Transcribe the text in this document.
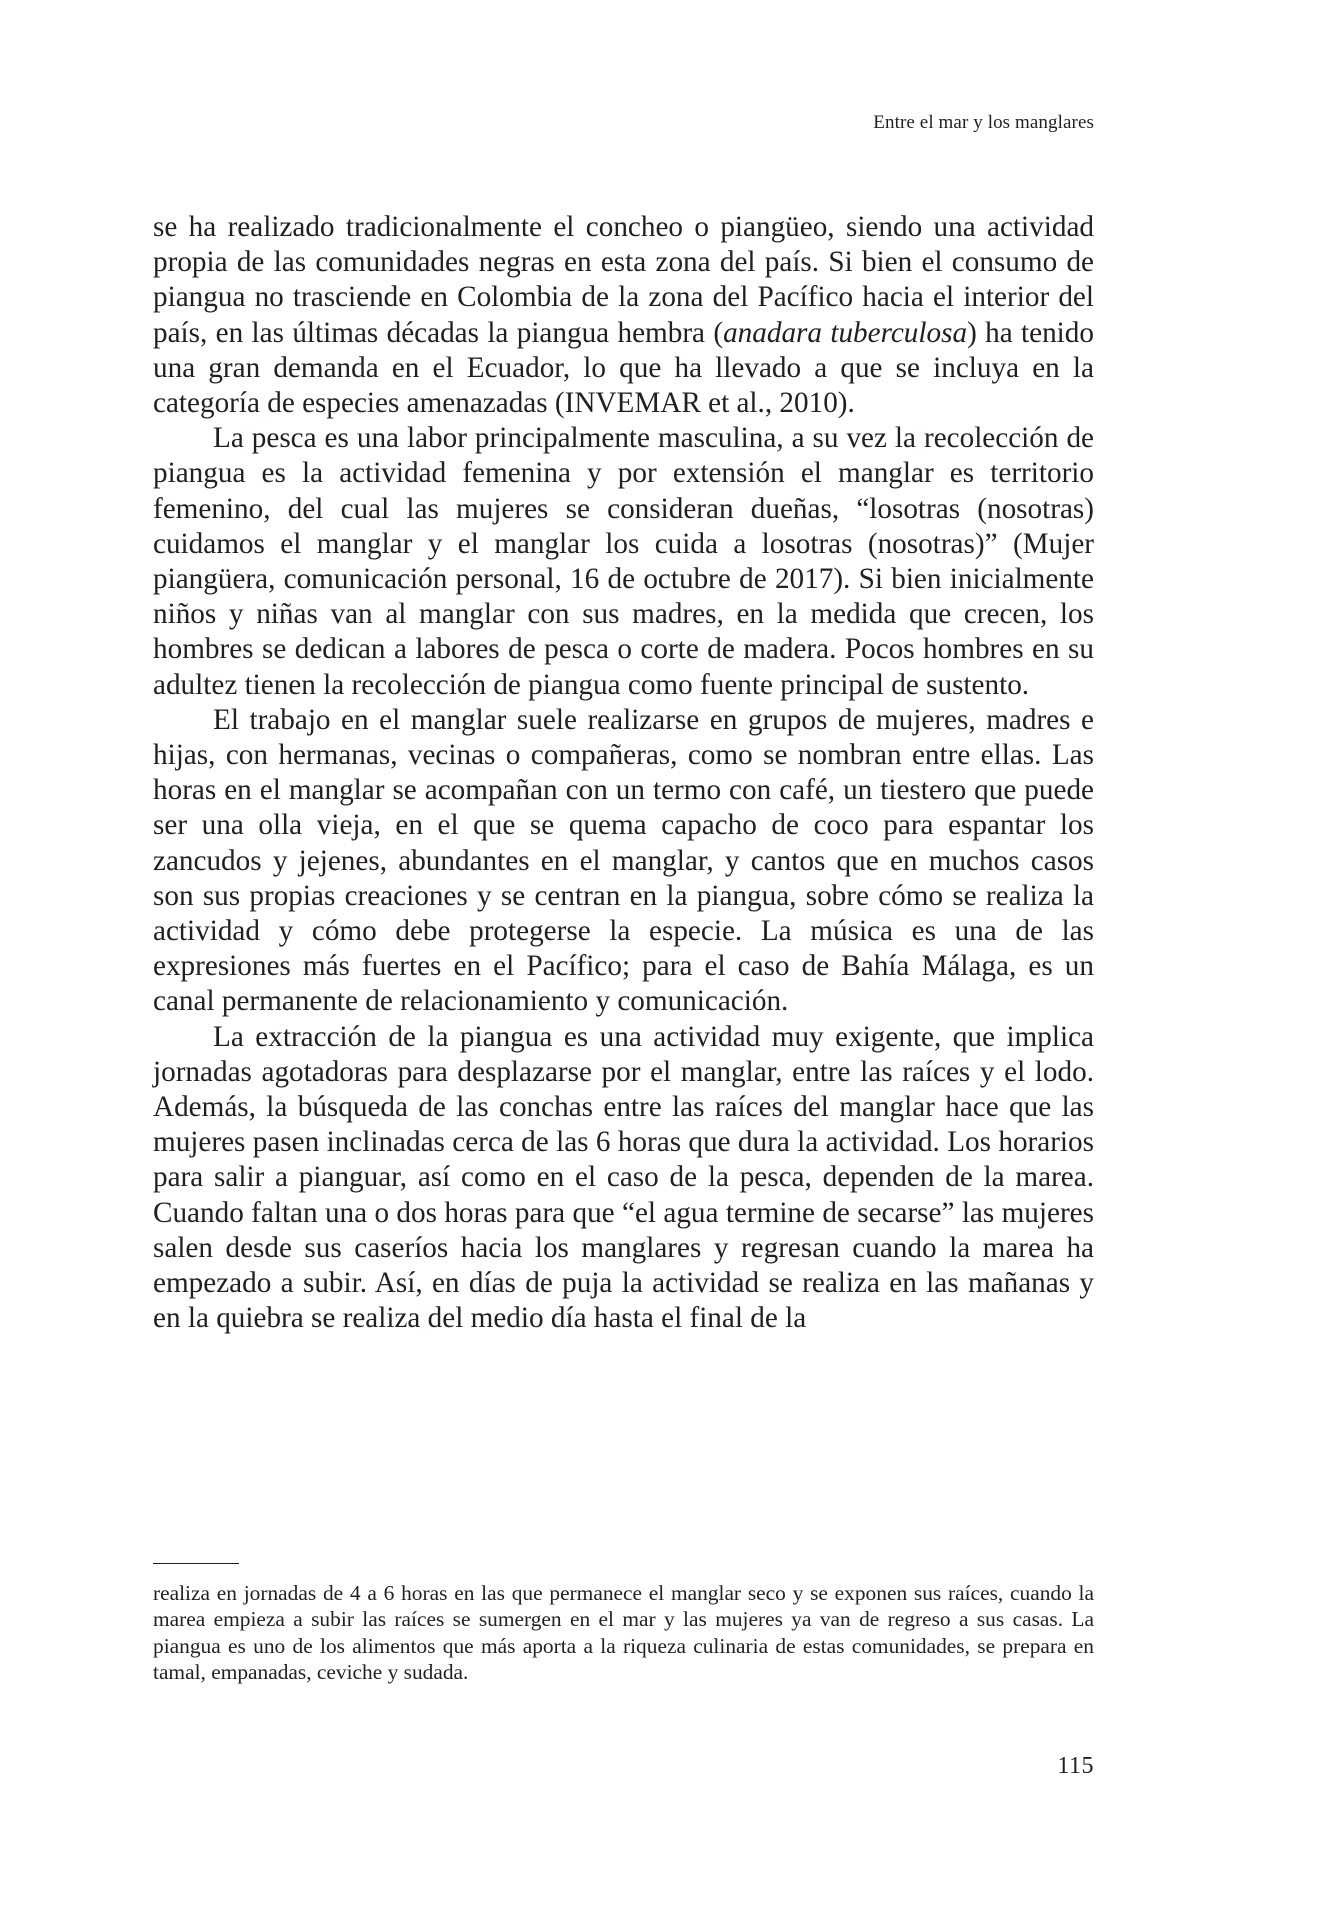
Entre el mar y los manglares

se ha realizado tradicionalmente el concheo o piangüeo, siendo una actividad propia de las comunidades negras en esta zona del país. Si bien el consumo de piangua no trasciende en Colombia de la zona del Pacífico hacia el interior del país, en las últimas décadas la piangua hembra (anadara tuberculosa) ha tenido una gran demanda en el Ecuador, lo que ha llevado a que se incluya en la categoría de especies amenazadas (INVEMAR et al., 2010).

La pesca es una labor principalmente masculina, a su vez la recolección de piangua es la actividad femenina y por extensión el manglar es territorio femenino, del cual las mujeres se consideran dueñas, “losotras (nosotras) cuidamos el manglar y el manglar los cuida a losotras (nosotras)” (Mujer piangüera, comunicación personal, 16 de octubre de 2017). Si bien inicialmente niños y niñas van al manglar con sus madres, en la medida que crecen, los hombres se dedican a labores de pesca o corte de madera. Pocos hombres en su adultez tienen la recolección de piangua como fuente principal de sustento.

El trabajo en el manglar suele realizarse en grupos de mujeres, madres e hijas, con hermanas, vecinas o compañeras, como se nombran entre ellas. Las horas en el manglar se acompañan con un termo con café, un tiestero que puede ser una olla vieja, en el que se quema capacho de coco para espantar los zancudos y jejenes, abundantes en el manglar, y cantos que en muchos casos son sus propias creaciones y se centran en la piangua, sobre cómo se realiza la actividad y cómo debe protegerse la especie. La música es una de las expresiones más fuertes en el Pacífico; para el caso de Bahía Málaga, es un canal permanente de relacionamiento y comunicación.

La extracción de la piangua es una actividad muy exigente, que implica jornadas agotadoras para desplazarse por el manglar, entre las raíces y el lodo. Además, la búsqueda de las conchas entre las raíces del manglar hace que las mujeres pasen inclinadas cerca de las 6 horas que dura la actividad. Los horarios para salir a pianguar, así como en el caso de la pesca, dependen de la marea. Cuando faltan una o dos horas para que “el agua termine de secarse” las mujeres salen desde sus caseríos hacia los manglares y regresan cuando la marea ha empezado a subir. Así, en días de puja la actividad se realiza en las mañanas y en la quiebra se realiza del medio día hasta el final de la

realiza en jornadas de 4 a 6 horas en las que permanece el manglar seco y se exponen sus raíces, cuando la marea empieza a subir las raíces se sumergen en el mar y las mujeres ya van de regreso a sus casas. La piangua es uno de los alimentos que más aporta a la riqueza culinaria de estas comunidades, se prepara en tamal, empanadas, ceviche y sudada.

115
